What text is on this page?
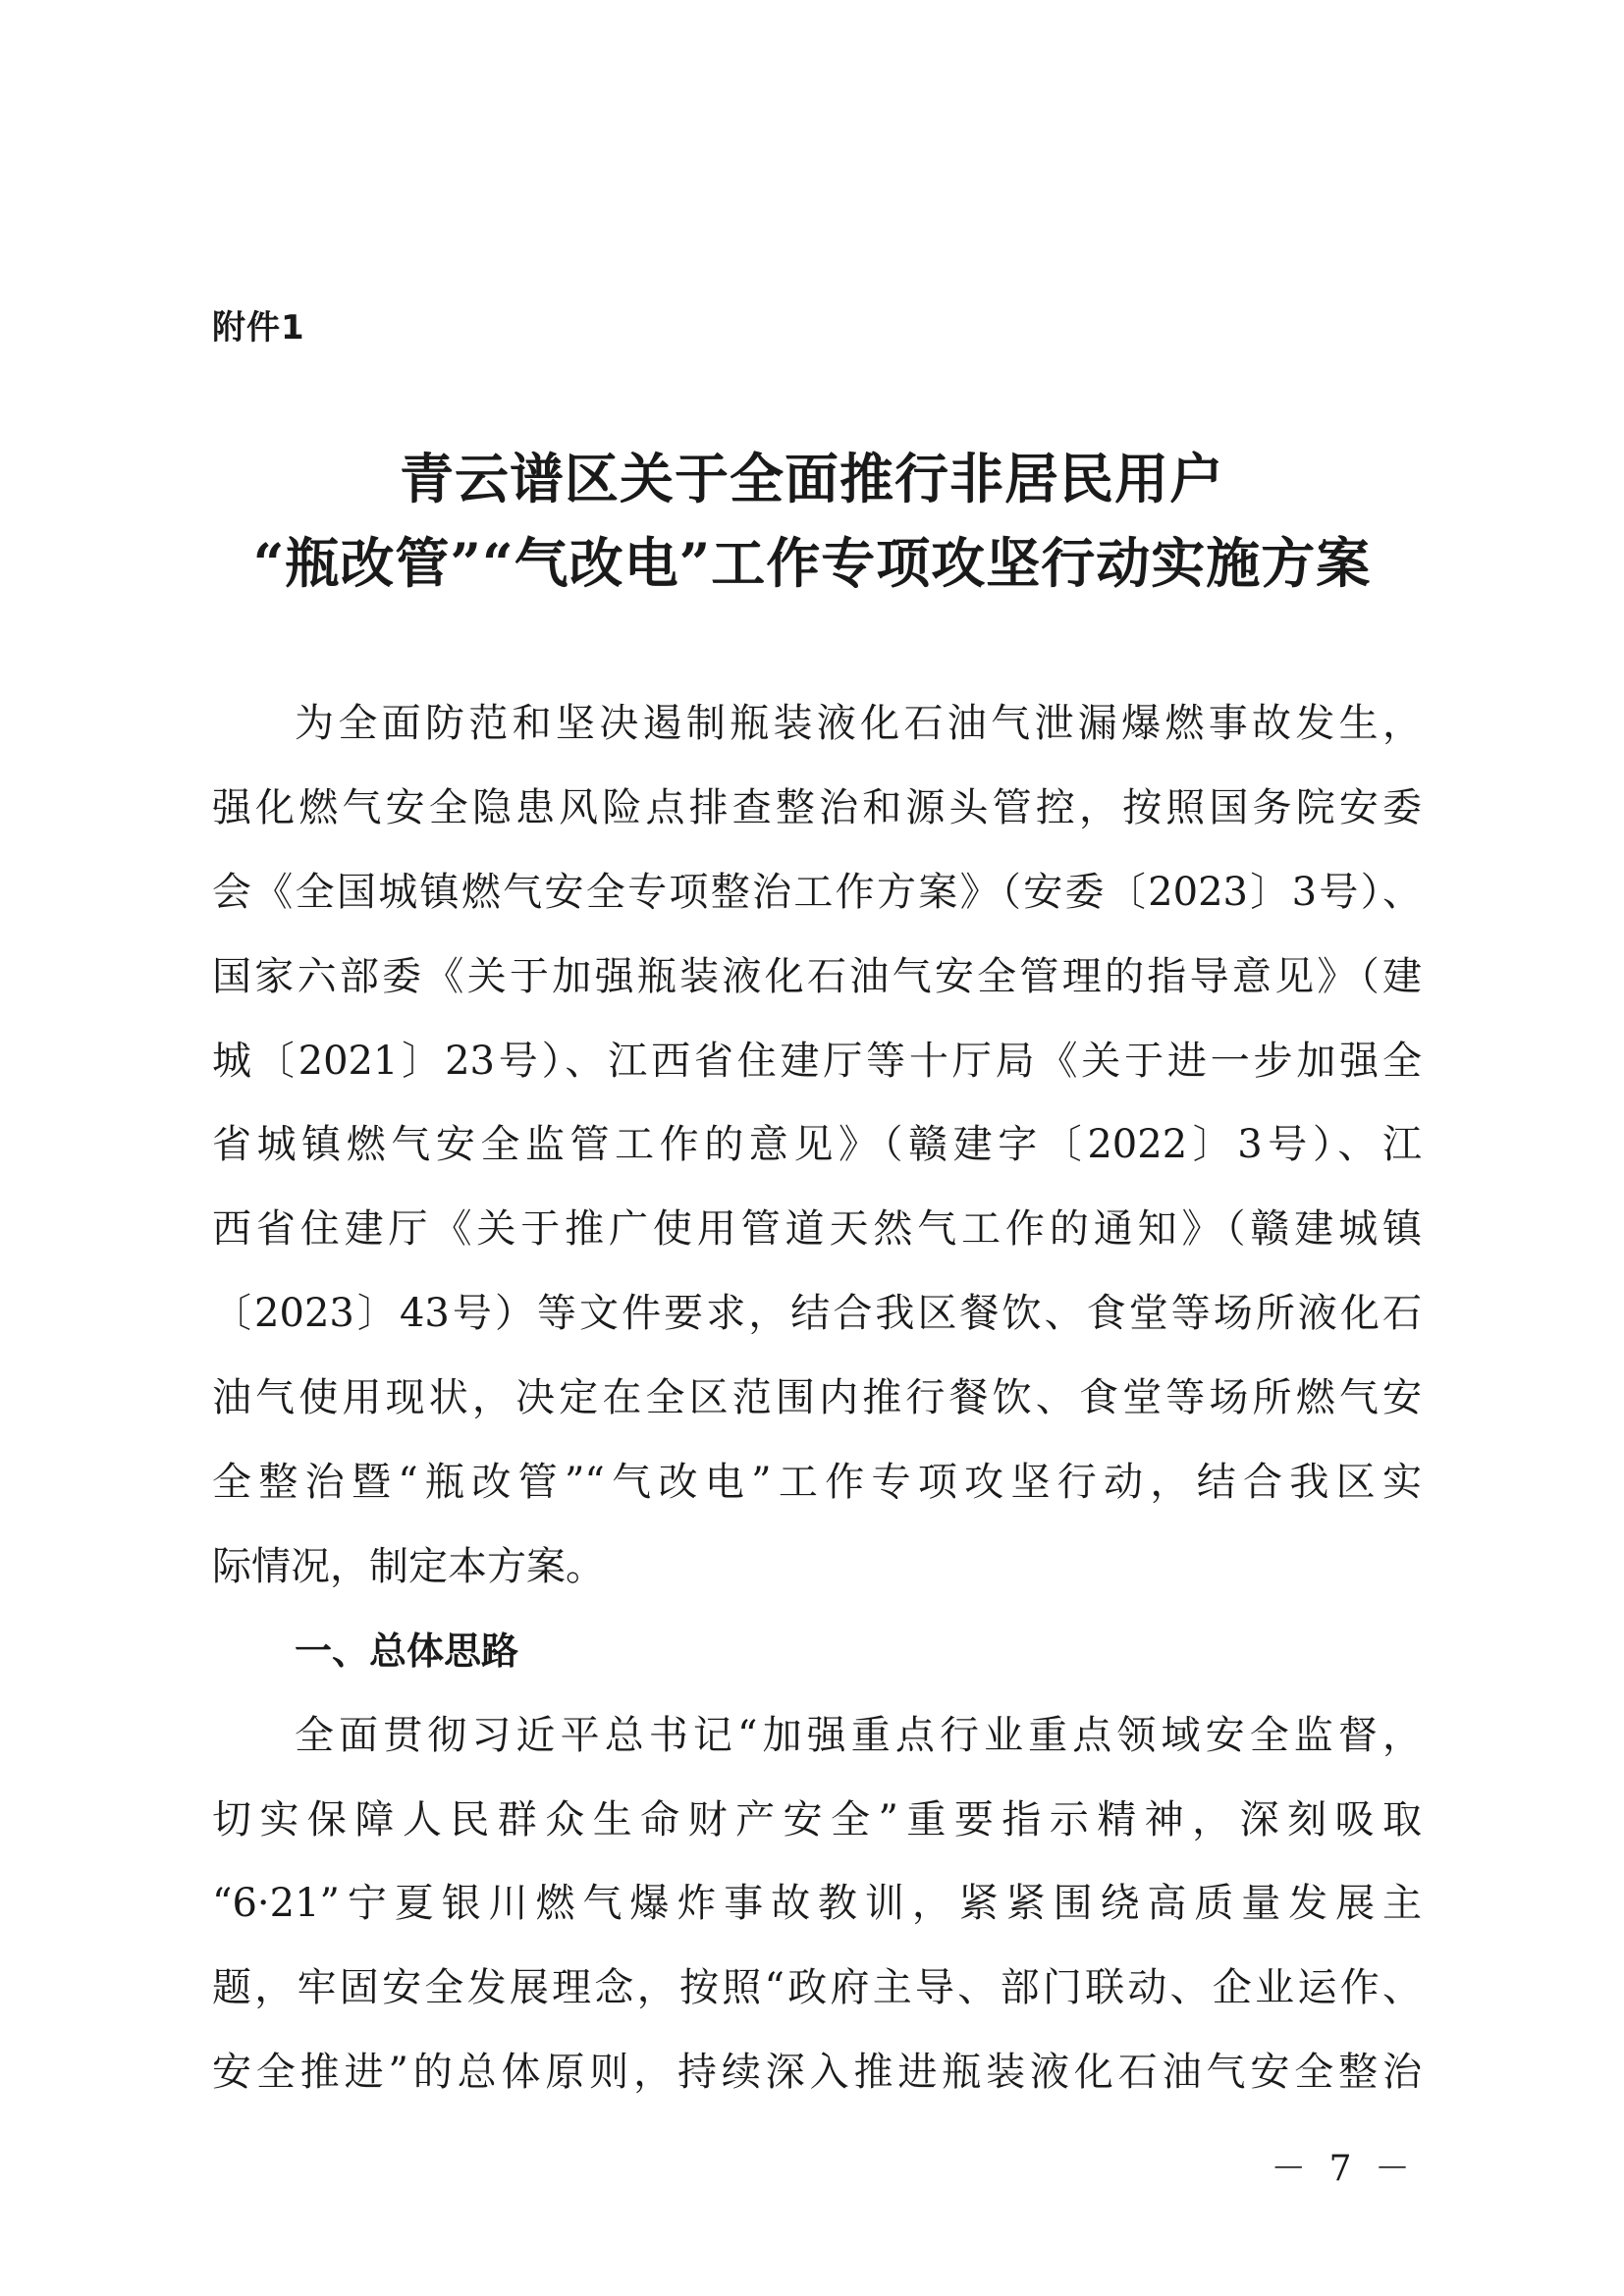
附件1
青云谱区关于全面推行非居民用户
“瓶改管”“气改电”工作专项攻坚行动实施方案
为全面防范和坚决遏制瓶装液化石油气泄漏爆燃事故发生，
强化燃气安全隐患风险点排查整治和源头管控，按照国务院安委
会《全国城镇燃气安全专项整治工作方案》（安委〔2023〕3号）、
国家六部委《关于加强瓶装液化石油气安全管理的指导意见》（建
城〔2021〕23号）、江西省住建厅等十厅局《关于进一步加强全
省城镇燃气安全监管工作的意见》（赣建字〔2022〕3号）、江
西省住建厅《关于推广使用管道天然气工作的通知》（赣建城镇
〔2023〕43号）等文件要求，结合我区餐饮、食堂等场所液化石
油气使用现状，决定在全区范围内推行餐饮、食堂等场所燃气安
全整治暨“瓶改管”“气改电”工作专项攻坚行动，结合我区实
际情况，制定本方案。
一、总体思路
全面贯彻习近平总书记“加强重点行业重点领域安全监督，
切实保障人民群众生命财产安全”重要指示精神，深刻吸取
“6·21”宁夏银川燃气爆炸事故教训，紧紧围绕高质量发展主
题，牢固安全发展理念，按照“政府主导、部门联动、企业运作、
安全推进”的总体原则，持续深入推进瓶装液化石油气安全整治
－ 7 －
